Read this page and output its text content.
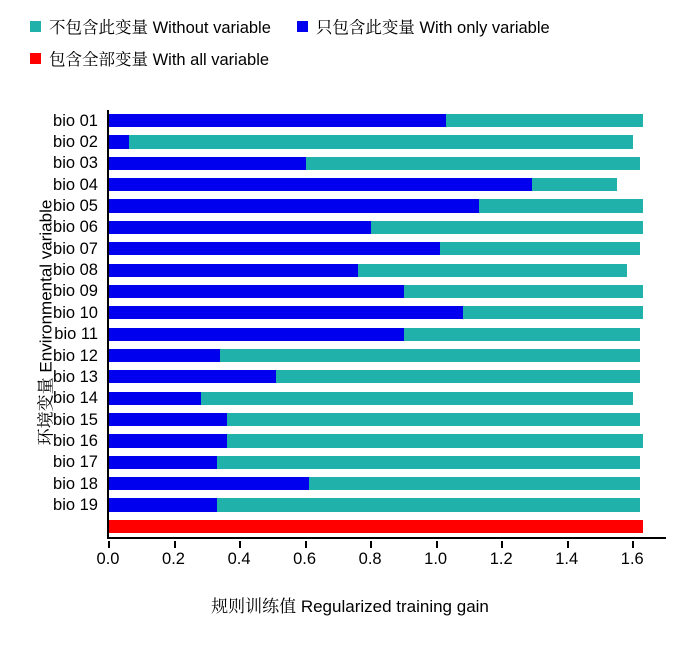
不包含此变量 Without variable	只包含此变量 With only variable
包含全部变量 With all variable
bio 01
bio 02
bio 03
bio 04
bio 05
bio 06
bio 07
bio 08
bio 09
bio 10
bio 11
bio 12
bio 13
bio 14
bio 15
bio 16
bio 17
bio 18
bio 19
0.0	0.2	0.4	0.6	0.8	1.0	1.2	1.4	1.6
规则训练值 Regularized training gain
环境变量 Environmental variable
